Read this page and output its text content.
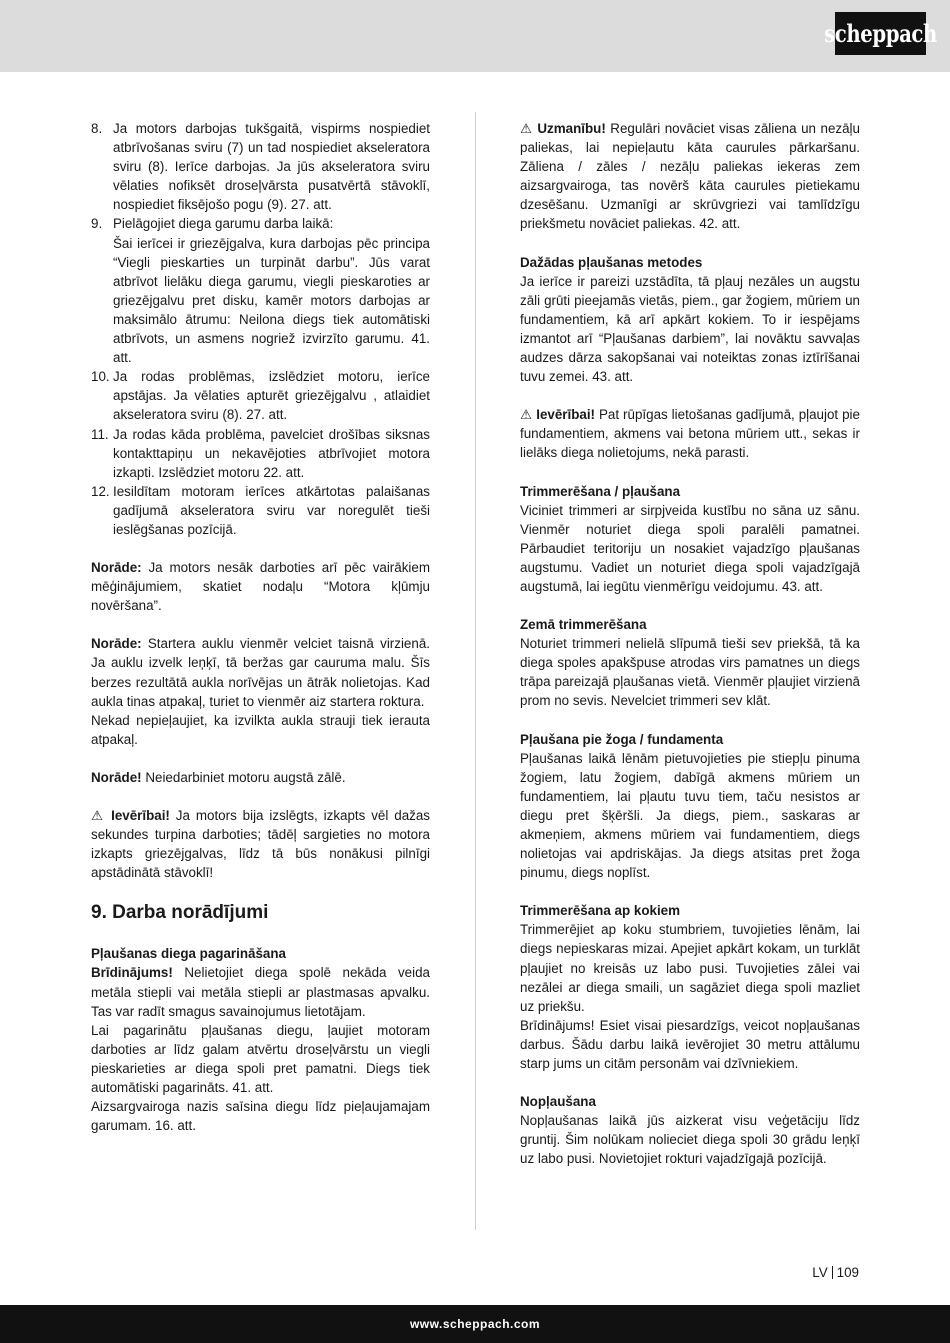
scheppach
8. Ja motors darbojas tukšgaitā, vispirms nospiediet atbrīvošanas sviru (7) un tad nospiediet akseleratora sviru (8). Ierīce darbojas. Ja jūs akseleratora sviru vēlaties nofiksēt droseļvārsta pusatvērtā stāvoklī, nospiediet fiksējošo pogu (9). 27. att.
9. Pielāgojiet diega garumu darba laikā:
Šai ierīcei ir griezējgalva, kura darbojas pēc principa “Viegli pieskarties un turpināt darbu”. Jūs varat atbrīvot lielāku diega garumu, viegli pieskaroties ar griezējgalvu pret disku, kamēr motors darbojas ar maksimālo ātrumu: Neilona diegs tiek automātiski atbrīvots, un asmens nogriež izvirzīto garumu. 41. att.
10. Ja rodas problēmas, izslēdziet motoru, ierīce apstājas. Ja vēlaties apturēt griezējgalvu , atlaidiet akseleratora sviru (8). 27. att.
11. Ja rodas kāda problēma, pavelciet drošības siksnas kontakttapiņu un nekavējoties atbrīvojiet motora izkapti. Izslēdziet motoru 22. att.
12. Iesildītam motoram ierīces atkārtotas palaišanas gadījumā akseleratora sviru var noregulēt tieši ieslēgšanas pozīcijā.

Norāde: Ja motors nesāk darboties arī pēc vairākiem mēģinājumiem, skatiet nodaļu “Motora kļūmju novēršana”.

Norāde: Startera auklu vienmēr velciet taisnā virzienā. Ja auklu izvelk leņķī, tā beržas gar cauruma malu. Šīs berzes rezultātā aukla norīvējas un ātrāk nolietojas. Kad aukla tinas atpakaļ, turiet to vienmēr aiz startera roktura.

Nekad nepieļaujiet, ka izvilkta aukla strauji tiek ierauta atpakaļ.

Norāde! Neiedarbiniet motoru augstā zālē.

⚠ Ievērībai! Ja motors bija izslēgts, izkapts vēl dažas sekundes turpina darboties; tādēļ sargieties no motora izkapts griezējgalvas, līdz tā būs nonākusi pilnīgi apstādinātā stāvoklī!

9. Darba norādījumi

Pļaušanas diega pagarināšana

Brīdinājums! Nelietojiet diega spolē nekāda veida metāla stiepli vai metāla stiepli ar plastmasas apvalku. Tas var radīt smagus savainojumus lietotājam.

Lai pagarinātu pļaušanas diegu, ļaujiet motoram darboties ar līdz galam atvērtu droseļvārstu un viegli pieskarieties ar diega spoli pret pamatni. Diegs tiek automātiski pagarināts. 41. att.

Aizsargvairoga nazis saīsina diegu līdz pieļaujamajam garumam. 16. att.

⚠ Uzmanību! Regulāri novāciet visas zāliena un nezāļu paliekas, lai nepieļautu kāta caurules pārkaršanu. Zāliena / zāles / nezāļu paliekas iekeras zem aizsargvairoga, tas novērš kāta caurules pietiekamu dzesēšanu. Uzmanīgi ar skrūvgriezi vai tamlīdzīgu priekšmetu novāciet paliekas. 42. att.

Dažādas pļaušanas metodes

Ja ierīce ir pareizi uzstādīta, tā pļauj nezāles un augstu zāli grūti pieejamās vietās, piem., gar žogiem, mūriem un fundamentiem, kā arī apkārt kokiem. To ir iespējams izmantot arī “Pļaušanas darbiem”, lai novāktu savvaļas audzes dārza sakopšanai vai noteiktas zonas iztīrīšanai tuvu zemei. 43. att.

⚠ Ievērībai! Pat rūpīgas lietošanas gadījumā, pļaujot pie fundamentiem, akmens vai betona mūriem utt., sekas ir lielāks diega nolietojums, nekā parasti.

Trimmerēšana / pļaušana

Viciniet trimmeri ar sirpjveida kustību no sāna uz sānu. Vienmēr noturiet diega spoli paralēli pamatnei. Pārbaudiet teritoriju un nosakiet vajadzīgo pļaušanas augstumu. Vadiet un noturiet diega spoli vajadzīgajā augstumā, lai iegūtu vienmērīgu veidojumu. 43. att.

Zemā trimmerēšana

Noturiet trimmeri nelielā slīpumā tieši sev priekšā, tā ka diega spoles apakšpuse atrodas virs pamatnes un diegs trāpa pareizajā pļaušanas vietā. Vienmēr pļaujiet virzienā prom no sevis. Nevelciet trimmeri sev klāt.

Pļaušana pie žoga / fundamenta

Pļaušanas laikā lēnām pietuvojieties pie stiepļu pinuma žogiem, latu žogiem, dabīgā akmens mūriem un fundamentiem, lai pļautu tuvu tiem, taču nesistos ar diegu pret šķēršli. Ja diegs, piem., saskaras ar akmeņiem, akmens mūriem vai fundamentiem, diegs nolietojas vai apdriskājas. Ja diegs atsitas pret žoga pinumu, diegs noplīst.

Trimmerēšana ap kokiem

Trimmerējiet ap koku stumbriem, tuvojieties lēnām, lai diegs nepieskaras mizai. Apejiet apkārt kokam, un turklāt pļaujiet no kreisās uz labo pusi. Tuvojieties zālei vai nezālei ar diega smaili, un sagāziet diega spoli mazliet uz priekšu.

Brīdinājums! Esiet visai piesardzīgs, veicot nopļaušanas darbus. Šādu darbu laikā ievērojiet 30 metru attālumu starp jums un citām personām vai dzīvniekiem.

Nopļaušana

Nopļaušanas laikā jūs aizkerat visu veģetāciju līdz gruntij. Šim nolūkam nolieciet diega spoli 30 grādu leņķī uz labo pusi. Novietojiet rokturi vajadzīgajā pozīcijā.

LV 109
www.scheppach.com
